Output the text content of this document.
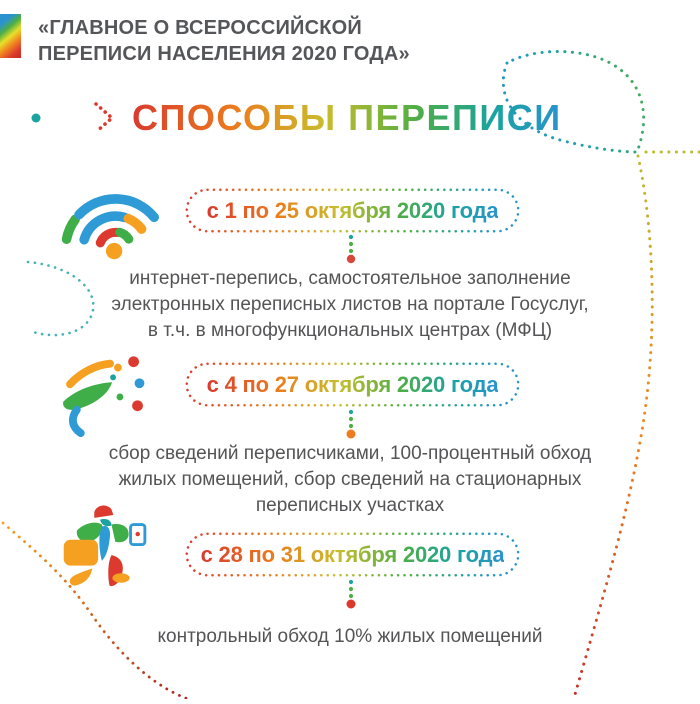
«ГЛАВНОЕ О ВСЕРОССИЙСКОЙ
ПЕРЕПИСИ НАСЕЛЕНИЯ 2020 ГОДА»
СПОСОБЫ ПЕРЕПИСИ
с 1 по 25 октября 2020 года
интернет-перепись, самостоятельное заполнение
электронных переписных листов на портале Госуслуг,
в т.ч. в многофункциональных центрах (МФЦ)
с 4 по 27 октября 2020 года
сбор сведений переписчиками, 100-процентный обход
жилых помещений, сбор сведений на стационарных
переписных участках
с 28 по 31 октября 2020 года
контрольный обход 10% жилых помещений
